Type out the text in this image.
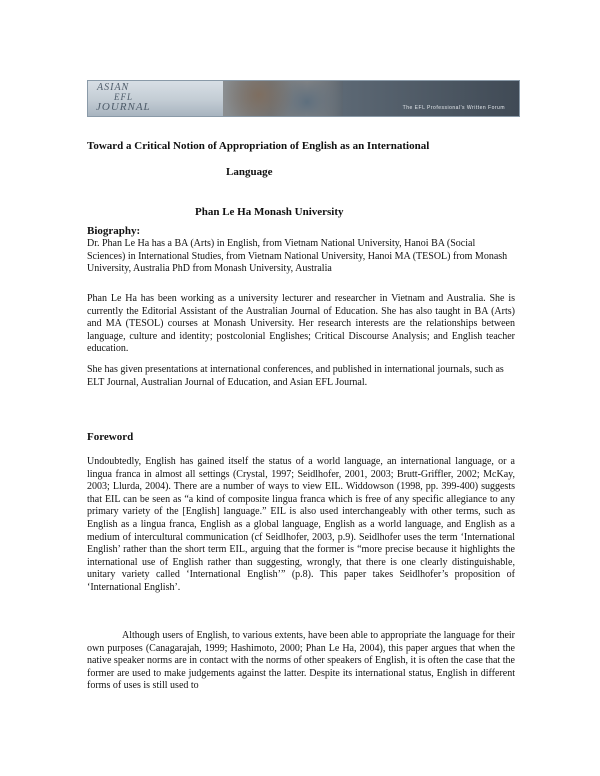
ASIAN
EFL
JOURNAL	The EFL Professional's Written Forum
Toward a Critical Notion of Appropriation of English as an International
Language
Phan Le Ha Monash University
Biography:

Dr. Phan Le Ha has a BA (Arts) in English, from Vietnam National University, Hanoi BA (Social Sciences) in International Studies, from Vietnam National University, Hanoi MA (TESOL) from Monash University, Australia PhD from Monash University, Australia

Phan Le Ha has been working as a university lecturer and researcher in Vietnam and Australia. She is currently the Editorial Assistant of the Australian Journal of Education. She has also taught in BA (Arts) and MA (TESOL) courses at Monash University. Her research interests are the relationships between language, culture and identity; postcolonial Englishes; Critical Discourse Analysis; and English teacher education.

She has given presentations at international conferences, and published in international journals, such as ELT Journal, Australian Journal of Education, and Asian EFL Journal.

Foreword

Undoubtedly, English has gained itself the status of a world language, an international language, or a lingua franca in almost all settings (Crystal, 1997; Seidlhofer, 2001, 2003; Brutt-Griffler, 2002; McKay, 2003; Llurda, 2004). There are a number of ways to view EIL. Widdowson (1998, pp. 399-400) suggests that EIL can be seen as “a kind of composite lingua franca which is free of any specific allegiance to any primary variety of the [English] language.” EIL is also used interchangeably with other terms, such as English as a lingua franca, English as a global language, English as a world language, and English as a medium of intercultural communication (cf Seidlhofer, 2003, p.9). Seidlhofer uses the term ‘International English’ rather than the short term EIL, arguing that the former is “more precise because it highlights the international use of English rather than suggesting, wrongly, that there is one clearly distinguishable, unitary variety called ‘International English’” (p.8). This paper takes Seidlhofer’s proposition of ‘International English’.

Although users of English, to various extents, have been able to appropriate the language for their own purposes (Canagarajah, 1999; Hashimoto, 2000; Phan Le Ha, 2004), this paper argues that when the native speaker norms are in contact with the norms of other speakers of English, it is often the case that the former are used to make judgements against the latter. Despite its international status, English in different forms of uses is still used to
